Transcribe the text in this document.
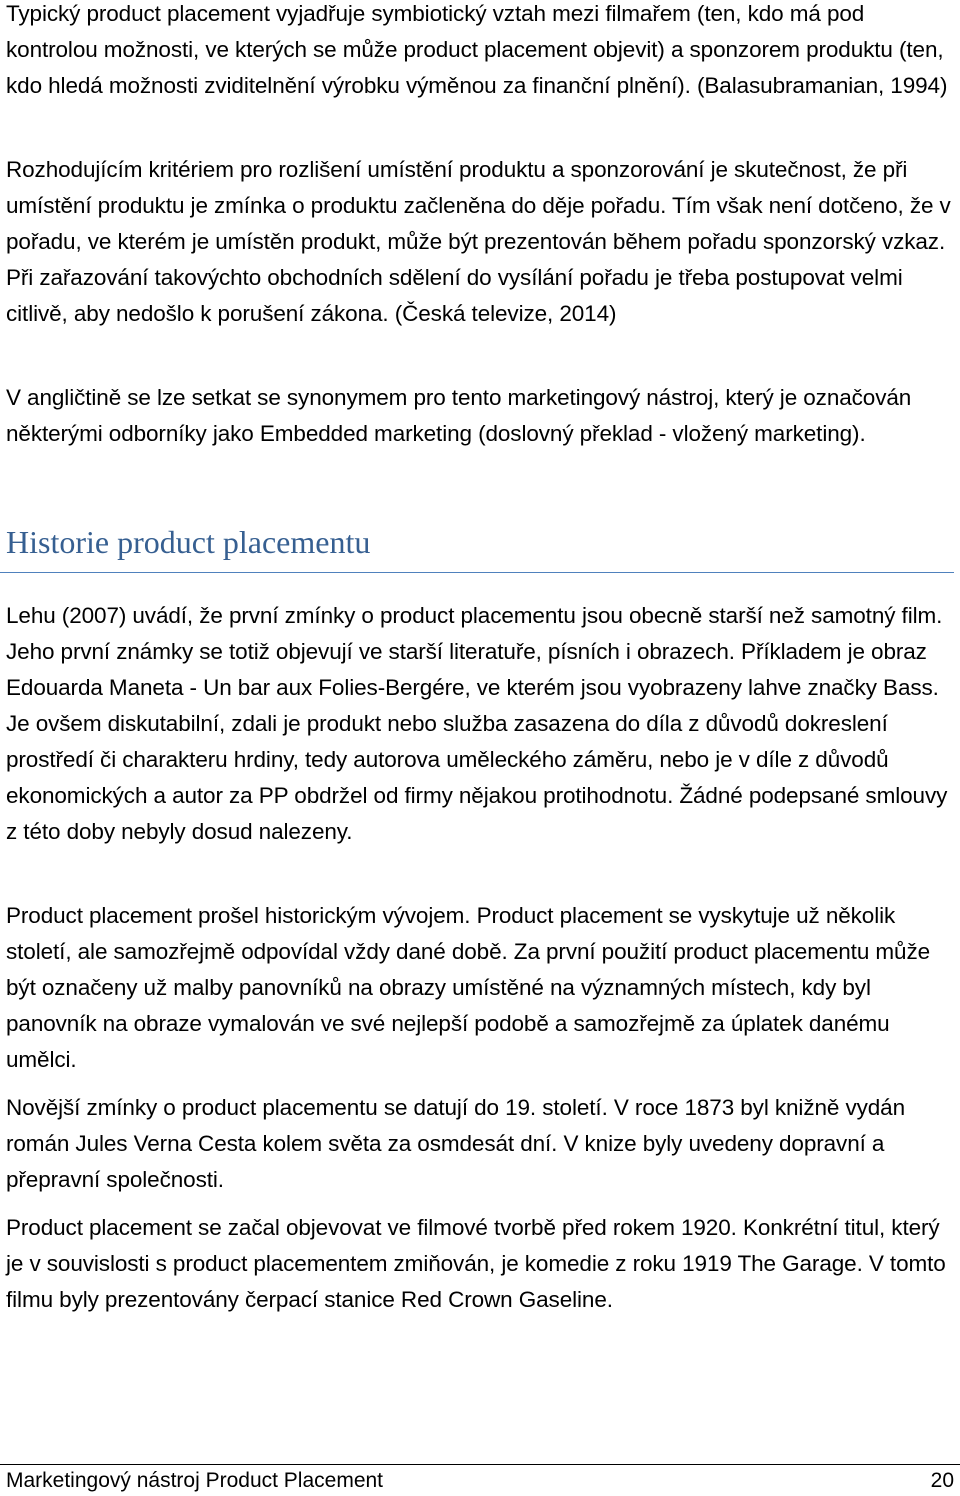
Typický product placement vyjadřuje symbiotický vztah mezi filmařem (ten, kdo má pod kontrolou možnosti, ve kterých se může product placement objevit) a sponzorem produktu (ten, kdo hledá možnosti zviditelnění výrobku výměnou za finanční plnění). (Balasubramanian, 1994)

Rozhodujícím kritériem pro rozlišení umístění produktu a sponzorování je skutečnost, že při umístění produktu je zmínka o produktu začleněna do děje pořadu. Tím však není dotčeno, že v pořadu, ve kterém je umístěn produkt, může být prezentován během pořadu sponzorský vzkaz. Při zařazování takovýchto obchodních sdělení do vysílání pořadu je třeba postupovat velmi citlivě, aby nedošlo k porušení zákona. (Česká televize, 2014)

V angličtině se lze setkat se synonymem pro tento marketingový nástroj, který je označován některými odborníky jako Embedded marketing (doslovný překlad - vložený marketing).

Historie product placementu

Lehu (2007) uvádí, že první zmínky o product placementu jsou obecně starší než samotný film. Jeho první známky se totiž objevují ve starší literatuře, písních i obrazech. Příkladem je obraz Edouarda Maneta - Un bar aux Folies-Bergére, ve kterém jsou vyobrazeny lahve značky Bass. Je ovšem diskutabilní, zdali je produkt nebo služba zasazena do díla z důvodů dokreslení prostředí či charakteru hrdiny, tedy autorova uměleckého záměru, nebo je v díle z důvodů ekonomických a autor za PP obdržel od firmy nějakou protihodnotu. Žádné podepsané smlouvy z této doby nebyly dosud nalezeny.

Product placement prošel historickým vývojem. Product placement se vyskytuje už několik století, ale samozřejmě odpovídal vždy dané době. Za první použití product placementu může být označeny už malby panovníků na obrazy umístěné na významných místech, kdy byl panovník na obraze vymalován ve své nejlepší podobě a samozřejmě za úplatek danému umělci.

Novější zmínky o product placementu se datují do 19. století. V roce 1873 byl knižně vydán román Jules Verna Cesta kolem světa za osmdesát dní. V knize byly uvedeny dopravní a přepravní společnosti.

Product placement se začal objevovat ve filmové tvorbě před rokem 1920. Konkrétní titul, který je v souvislosti s product placementem zmiňován, je komedie z roku 1919 The Garage. V tomto filmu byly prezentovány čerpací stanice Red Crown Gaseline.

Marketingový nástroj Product Placement	20
